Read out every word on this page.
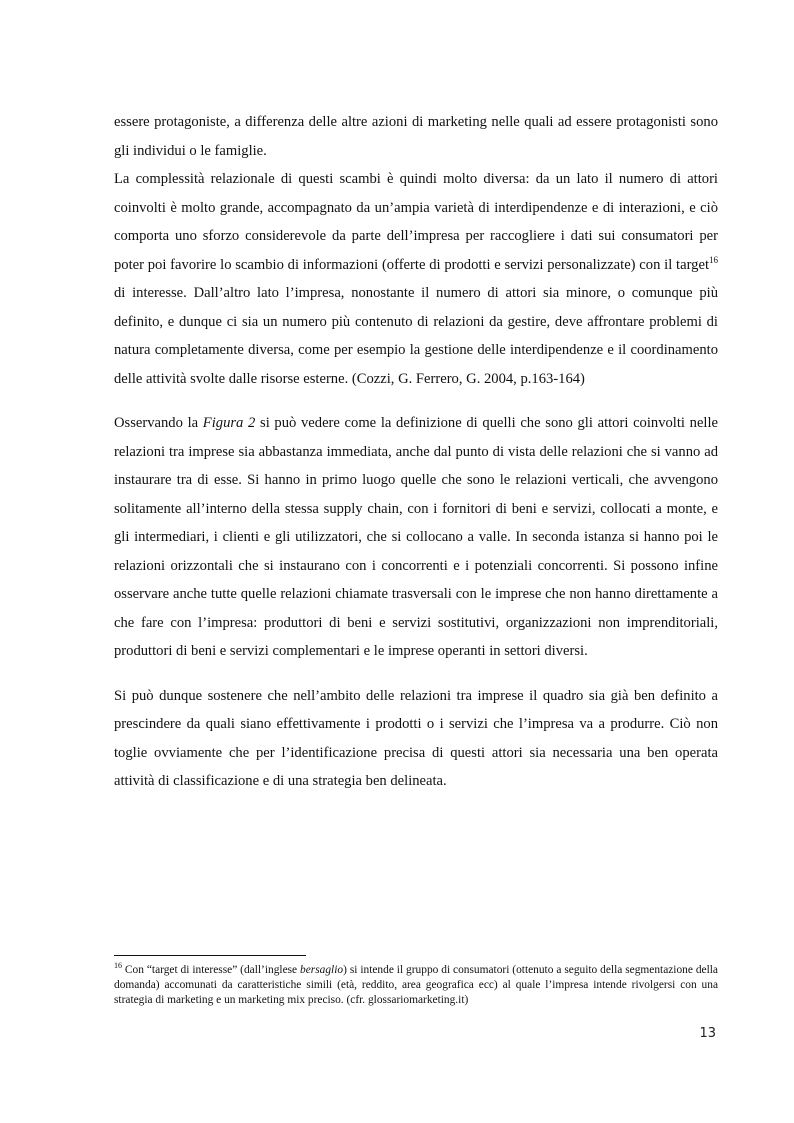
essere protagoniste, a differenza delle altre azioni di marketing nelle quali ad essere protagonisti sono gli individui o le famiglie.

La complessità relazionale di questi scambi è quindi molto diversa: da un lato il numero di attori coinvolti è molto grande, accompagnato da un’ampia varietà di interdipendenze e di interazioni, e ciò comporta uno sforzo considerevole da parte dell’impresa per raccogliere i dati sui consumatori per poter poi favorire lo scambio di informazioni (offerte di prodotti e servizi personalizzate) con il target$^{16}$ di interesse. Dall’altro lato l’impresa, nonostante il numero di attori sia minore, o comunque più definito, e dunque ci sia un numero più contenuto di relazioni da gestire, deve affrontare problemi di natura completamente diversa, come per esempio la gestione delle interdipendenze e il coordinamento delle attività svolte dalle risorse esterne. (Cozzi, G. Ferrero, G. 2004, p.163-164)

Osservando la Figura 2 si può vedere come la definizione di quelli che sono gli attori coinvolti nelle relazioni tra imprese sia abbastanza immediata, anche dal punto di vista delle relazioni che si vanno ad instaurare tra di esse. Si hanno in primo luogo quelle che sono le relazioni verticali, che avvengono solitamente all’interno della stessa supply chain, con i fornitori di beni e servizi, collocati a monte, e gli intermediari, i clienti e gli utilizzatori, che si collocano a valle. In seconda istanza si hanno poi le relazioni orizzontali che si instaurano con i concorrenti e i potenziali concorrenti. Si possono infine osservare anche tutte quelle relazioni chiamate trasversali con le imprese che non hanno direttamente a che fare con l’impresa: produttori di beni e servizi sostitutivi, organizzazioni non imprenditoriali, produttori di beni e servizi complementari e le imprese operanti in settori diversi.

Si può dunque sostenere che nell’ambito delle relazioni tra imprese il quadro sia già ben definito a prescindere da quali siano effettivamente i prodotti o i servizi che l’impresa va a produrre. Ciò non toglie ovviamente che per l’identificazione precisa di questi attori sia necessaria una ben operata attività di classificazione e di una strategia ben delineata.

$^{16}$ Con “target di interesse” (dall’inglese bersaglio) si intende il gruppo di consumatori (ottenuto a seguito della segmentazione della domanda) accomunati da caratteristiche simili (età, reddito, area geografica ecc) al quale l’impresa intende rivolgersi con una strategia di marketing e un marketing mix preciso. (cfr. glossariomarketing.it)

13
